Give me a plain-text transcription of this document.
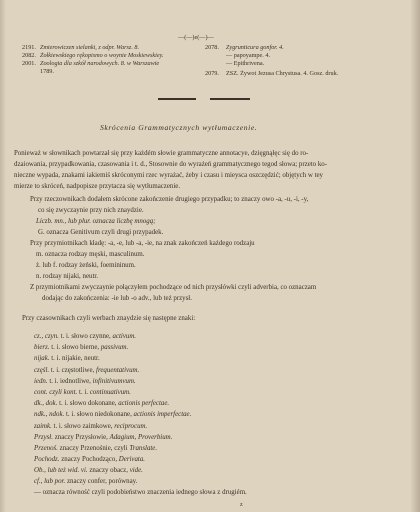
—(—)e(—)—
2191. Zmierowiczen sielanki, z odpr. Warsz. 8.
2082. Żołkiewskiego rękopismo o woynie Moskiewskiey.
2001. Zoologia dla szkół narodowych. 8. w Warszawie
1789.
2078. Zygrunticura gonfor. 4.
— papoyampe. 4.
— Epithrivena.
2079. ZSZ. Żywot Jezusa Chrystusa. 4. Gosz. druk.
Skrócenia Grammatycznych wytłumaczenie.
Ponieważ w słownikach powtarzał się przy każdém słowie grammatyczne annotacye, dzięgnąłęc się do ro-
dzaiowania, przypadkowania, czasowania i t. d., Stosownie do wyrażeń grammatycznego tegod słowa; przeto ko-
nieczne wypada, znakami iakiemiś skróconymi rzec wyrażać, żeby i czasu i mieysca oszczędzić; objętych w tey
mierze to skróceń, nadpopisze przytacza się wytłumaczenie.
Przy rzeczownikach dodałem skrócone zakończenie drugiego przypadku; to znaczy owo -a, -u, -i, -y,
co się zwyczaynie przy nich znaydzie.
Liczb. mn., lub plur. oznacza liczbę mnogą;
G. oznacza Genitivum czyli drugi przypadek.
Przy przymiotnikach kładę: -a, -e, lub -a, -ie, na znak zakończeń każdego rodzaju
m. oznacza rodzay męski, masculinum.
ż. lub f. rodzay żeński, foemininum.
n. rodzay nijaki, neutr.
Z przymiotnikami zwyczaynie połączyłem pochodzące od nich przysłówki czyli adverbia, co oznaczam
dodając do zakończenia: -ie lub -o adv., lub też przysł.
Przy czasownikach czyli werbach znaydzie się następne znaki:
cz., czyn. t. i. słowo czynne, activum.
bierz. t. i. słowo bierne, passivum.
nijak. t. i. nijakie, neutr.
częśl. t. i. częstotliwe, frequentativum.
iedn. t. i. iednotliwe, infinitivumvum.
cont. czyli kont. t. i. continuativum.
dk., dok. t. i. słowo dokonane, actionis perfectae.
ndk., ndok. t. i. słowo niedokonane, actionis imperfectae.
zaimk. t. i. słowo zaimkowe, reciprocum.
Przysł. znaczy Przysłowie, Adagium, Proverbium.
Przenoś. znaczy Przenośnie, czyli Translate.
Pochodz. znaczy Pochodząco, Derivata.
Ob., lub też wid. vi. znaczy obacz, vide.
cf., lub por. znaczy confer, porównay.
— oznacza równość czyli podobieństwo znaczenia iednego słowa z drugiém.
z
